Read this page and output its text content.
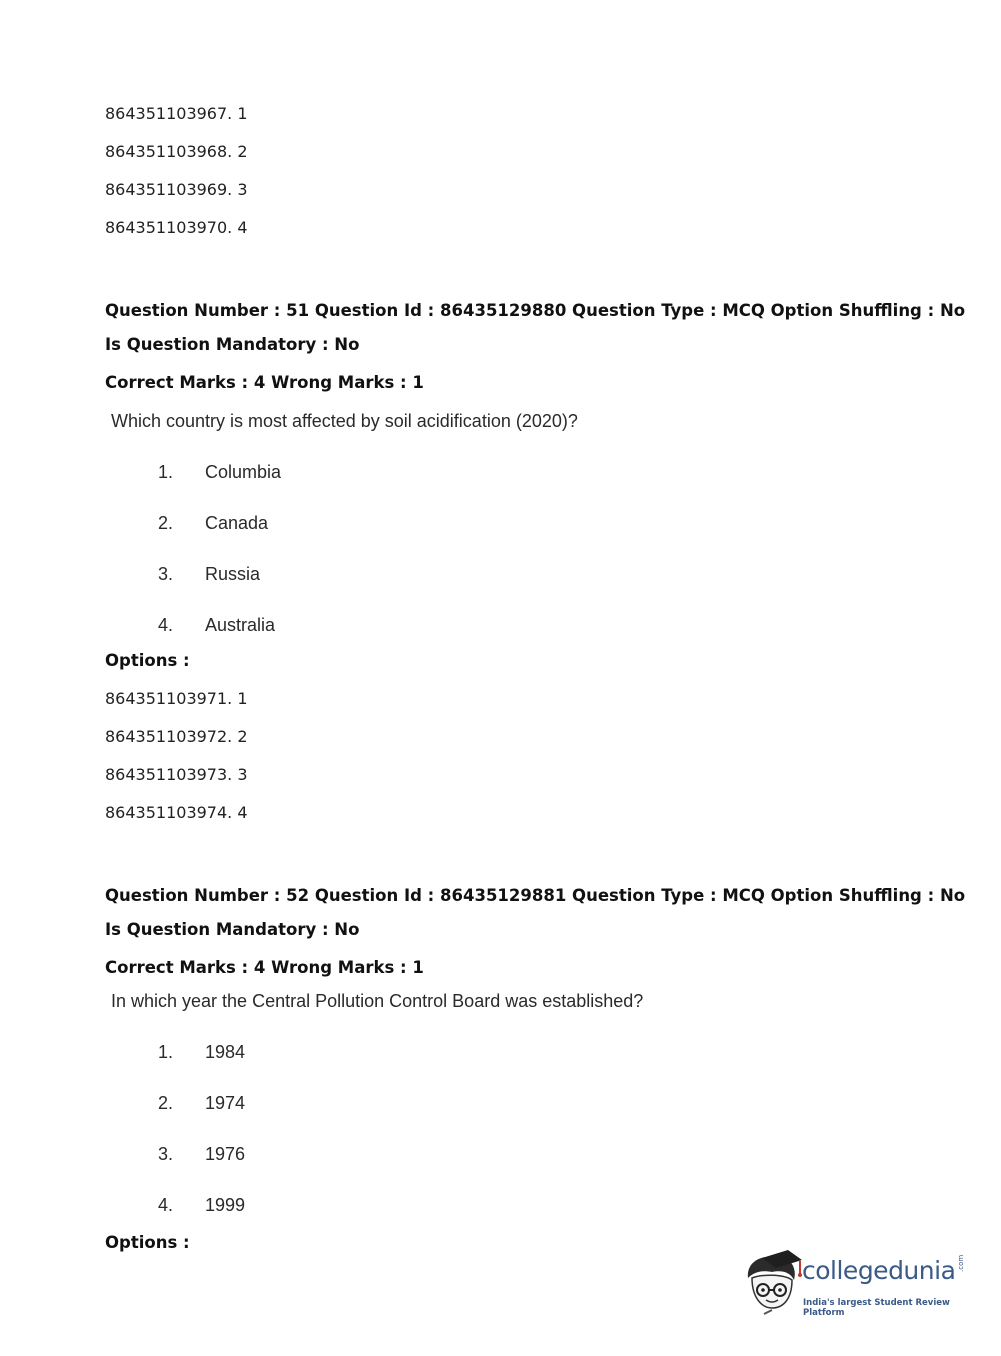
864351103967. 1
864351103968. 2
864351103969. 3
864351103970. 4
Question Number : 51 Question Id : 86435129880 Question Type : MCQ Option Shuffling : No
Is Question Mandatory : No
Correct Marks : 4 Wrong Marks : 1
Which country is most affected by soil acidification (2020)?
1. Columbia
2. Canada
3. Russia
4. Australia
Options :
864351103971. 1
864351103972. 2
864351103973. 3
864351103974. 4
Question Number : 52 Question Id : 86435129881 Question Type : MCQ Option Shuffling : No
Is Question Mandatory : No
Correct Marks : 4 Wrong Marks : 1
In which year the Central Pollution Control Board was established?
1. 1984
2. 1974
3. 1976
4. 1999
Options :
collegedunia .com
India's largest Student Review Platform
